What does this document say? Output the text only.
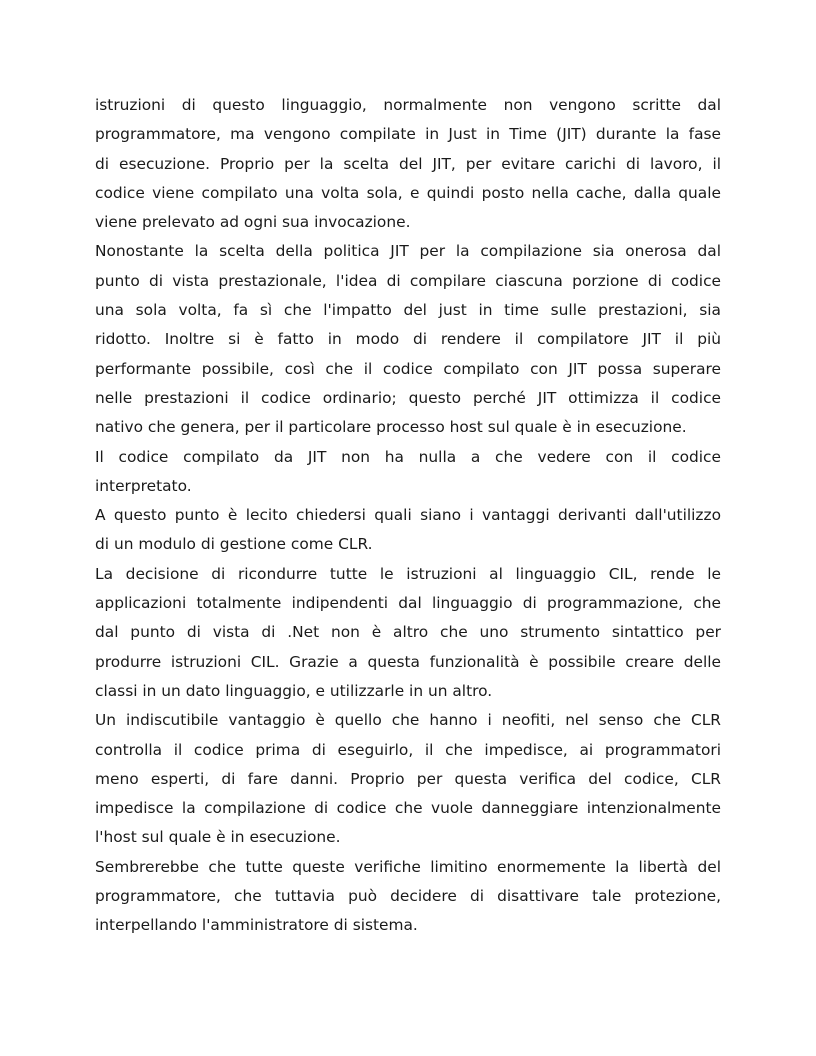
istruzioni di questo linguaggio, normalmente non vengono scritte dal
programmatore, ma vengono compilate in Just in Time (JIT) durante la fase
di esecuzione. Proprio per la scelta del JIT, per evitare carichi di lavoro, il
codice viene compilato una volta sola, e quindi posto nella cache, dalla quale
viene prelevato ad ogni sua invocazione.

Nonostante la scelta della politica JIT per la compilazione sia onerosa dal
punto di vista prestazionale, l'idea di compilare ciascuna porzione di codice
una sola volta, fa sì che l'impatto del just in time sulle prestazioni, sia
ridotto. Inoltre si è fatto in modo di rendere il compilatore JIT il più
performante possibile, così che il codice compilato con JIT possa superare
nelle prestazioni il codice ordinario; questo perché JIT ottimizza il codice
nativo che genera, per il particolare processo host sul quale è in esecuzione.

Il codice compilato da JIT non ha nulla a che vedere con il codice
interpretato.

A questo punto è lecito chiedersi quali siano i vantaggi derivanti dall'utilizzo
di un modulo di gestione come CLR.

La decisione di ricondurre tutte le istruzioni al linguaggio CIL, rende le
applicazioni totalmente indipendenti dal linguaggio di programmazione, che
dal punto di vista di .Net non è altro che uno strumento sintattico per
produrre istruzioni CIL. Grazie a questa funzionalità è possibile creare delle
classi in un dato linguaggio, e utilizzarle in un altro.

Un indiscutibile vantaggio è quello che hanno i neofiti, nel senso che CLR
controlla il codice prima di eseguirlo, il che impedisce, ai programmatori
meno esperti, di fare danni. Proprio per questa verifica del codice, CLR
impedisce la compilazione di codice che vuole danneggiare intenzionalmente
l'host sul quale è in esecuzione.

Sembrerebbe che tutte queste verifiche limitino enormemente la libertà del
programmatore, che tuttavia può decidere di disattivare tale protezione,
interpellando l'amministratore di sistema.
